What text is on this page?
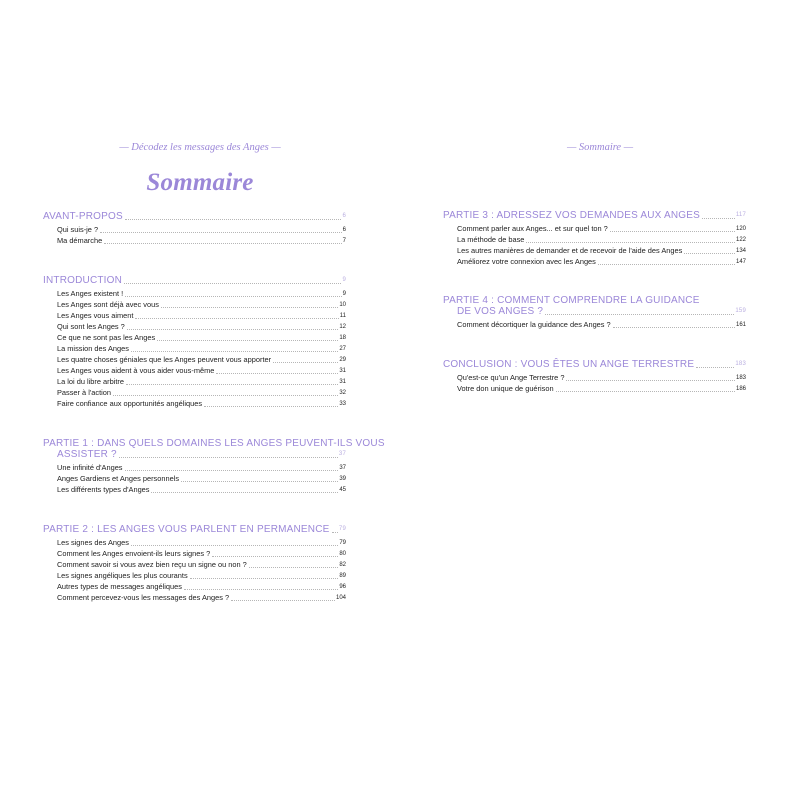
— Décodez les messages des Anges —
Sommaire
AVANT-PROPOS	6
Qui suis-je ?	6
Ma démarche	7
INTRODUCTION	9
Les Anges existent !	9
Les Anges sont déjà avec vous	10
Les Anges vous aiment	11
Qui sont les Anges ?	12
Ce que ne sont pas les Anges	18
La mission des Anges	27
Les quatre choses géniales que les Anges peuvent vous apporter	29
Les Anges vous aident à vous aider vous-même	31
La loi du libre arbitre	31
Passer à l'action	32
Faire confiance aux opportunités angéliques	33
PARTIE 1 : DANS QUELS DOMAINES LES ANGES PEUVENT-ILS VOUS
ASSISTER ?	37
Une infinité d'Anges	37
Anges Gardiens et Anges personnels	39
Les différents types d'Anges	45
PARTIE 2 : LES ANGES VOUS PARLENT EN PERMANENCE 79
Les signes des Anges	79
Comment les Anges envoient-ils leurs signes ?	80
Comment savoir si vous avez bien reçu un signe ou non ?	82
Les signes angéliques les plus courants	89
Autres types de messages angéliques	96
Comment percevez-vous les messages des Anges ?	104
— Sommaire —
PARTIE 3 : ADRESSEZ VOS DEMANDES AUX ANGES	117
Comment parler aux Anges... et sur quel ton ?	120
La méthode de base	122
Les autres manières de demander et de recevoir de l'aide des Anges	134
Améliorez votre connexion avec les Anges	147
PARTIE 4 : COMMENT COMPRENDRE LA GUIDANCE
DE VOS ANGES ?	159
Comment décortiquer la guidance des Anges ?	161
CONCLUSION : VOUS ÊTES UN ANGE TERRESTRE	183
Qu'est-ce qu'un Ange Terrestre ?	183
Votre don unique de guérison	186
